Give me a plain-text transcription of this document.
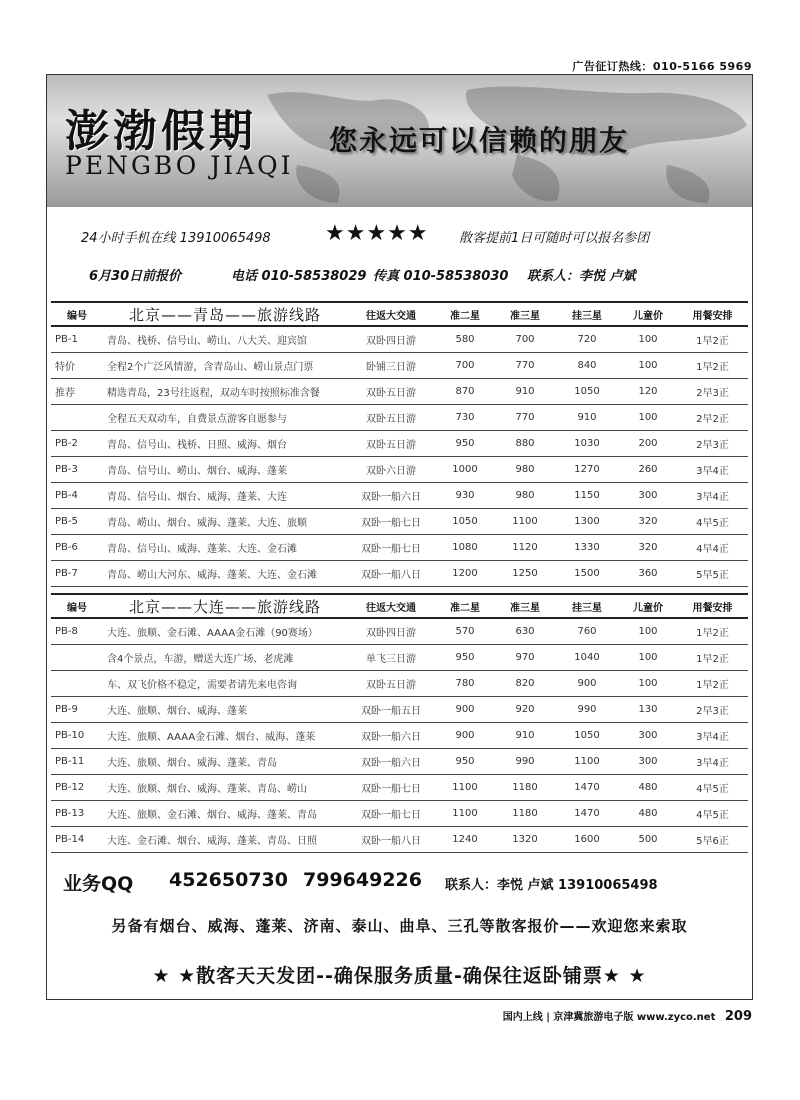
广告征订热线：010-5166 5969
澎渤假期
PENGBO JIAQI
您永远可以信赖的朋友
24小时手机在线 13910065498 ★★★★★ 散客提前1日可随时可以报名参团
6月30日前报价	电话 010-58538029 传真 010-58538030 联系人：李悦 卢斌
编号	北京——青岛——旅游线路	往返大交通	准二星	准三星	挂三星	儿童价	用餐安排
PB-1	青岛、栈桥、信号山、崂山、八大关、迎宾馆	双卧四日游	580	700	720	100	1早2正
特价	全程2个广泛风情游，含青岛山、崂山景点门票	卧铺三日游	700	770	840	100	1早2正
推荐	精选青岛，23号往返程，双动车时按照标准含餐	双卧五日游	870	910	1050	120	2早3正
	全程五天双动车，自费景点游客自愿参与	双卧五日游	730	770	910	100	2早2正
PB-2	青岛、信号山、栈桥、日照、威海、烟台	双卧五日游	950	880	1030	200	2早3正
PB-3	青岛、信号山、崂山、烟台、威海、蓬莱	双卧六日游	1000	980	1270	260	3早4正
PB-4	青岛、信号山、烟台、威海、蓬莱、大连	双卧一船六日	930	980	1150	300	3早4正
PB-5	青岛、崂山、烟台、威海、蓬莱、大连、旅顺	双卧一船七日	1050	1100	1300	320	4早5正
PB-6	青岛、信号山、威海、蓬莱、大连、金石滩	双卧一船七日	1080	1120	1330	320	4早4正
PB-7	青岛、崂山大河东、威海、蓬莱、大连、金石滩	双卧一船八日	1200	1250	1500	360	5早5正
编号	北京——大连——旅游线路	往返大交通	准二星	准三星	挂三星	儿童价	用餐安排
PB-8	大连、旅顺、金石滩、AAAA金石滩（90赛场）	双卧四日游	570	630	760	100	1早2正
	含4个景点，车游，赠送大连广场、老虎滩	单飞三日游	950	970	1040	100	1早2正
	车、双飞价格不稳定，需要者请先来电咨询	双卧五日游	780	820	900	100	1早2正
PB-9	大连、旅顺、烟台、威海、蓬莱	双卧一船五日	900	920	990	130	2早3正
PB-10	大连、旅顺、AAAA金石滩、烟台、威海、蓬莱	双卧一船六日	900	910	1050	300	3早4正
PB-11	大连、旅顺、烟台、威海、蓬莱、青岛	双卧一船六日	950	990	1100	300	3早4正
PB-12	大连、旅顺、烟台、威海、蓬莱、青岛、崂山	双卧一船七日	1100	1180	1470	480	4早5正
PB-13	大连、旅顺、金石滩、烟台、威海、蓬莱、青岛	双卧一船七日	1100	1180	1470	480	4早5正
PB-14	大连、金石滩、烟台、威海、蓬莱、青岛、日照	双卧一船八日	1240	1320	1600	500	5早6正
业务QQ 452650730 799649226 联系人：李悦 卢斌 13910065498
另备有烟台、威海、蓬莱、济南、泰山、曲阜、三孔等散客报价——欢迎您来索取
★ ★散客天天发团--确保服务质量-确保往返卧铺票★ ★
国内上线 | 京津冀旅游电子版 www.zyco.net 209
